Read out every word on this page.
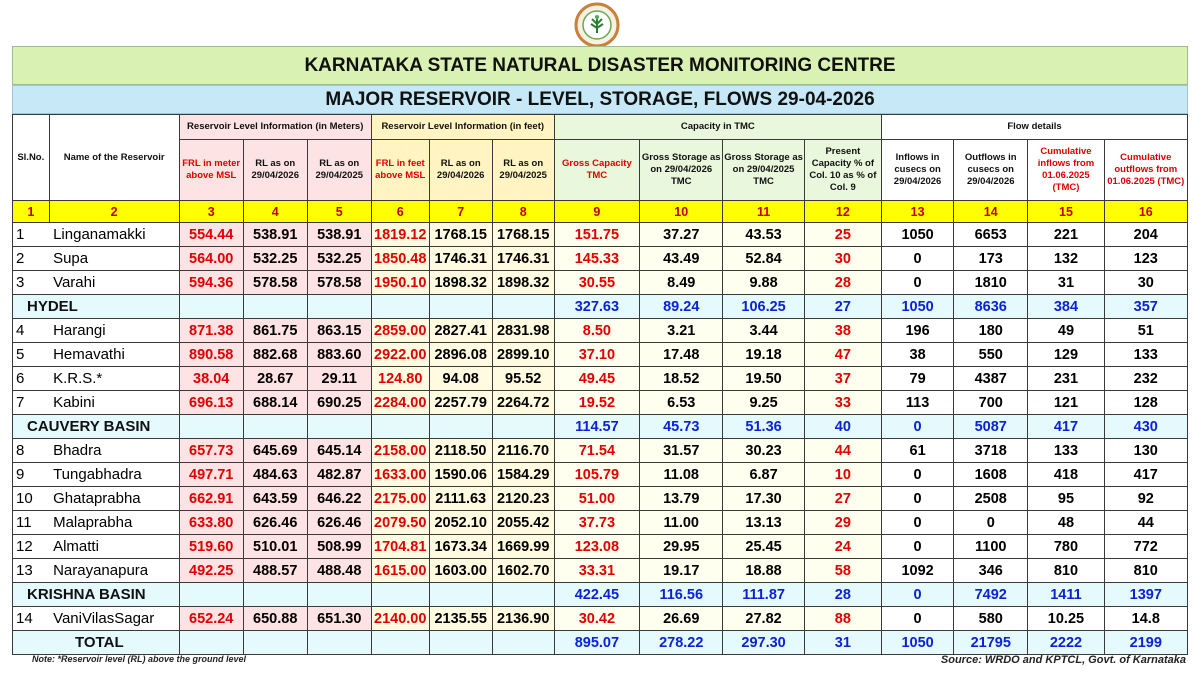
KARNATAKA STATE NATURAL DISASTER MONITORING CENTRE
MAJOR RESERVOIR - LEVEL, STORAGE, FLOWS 29-04-2026
Sl.No.	Name of the Reservoir	Reservoir Level Information (in Meters)			Reservoir Level Information (in feet)			Capacity in TMC				Flow details			
		FRL in meter above MSL	RL as on 29/04/2026	RL as on 29/04/2025	FRL in feet above MSL	RL as on 29/04/2026	RL as on 29/04/2025	Gross Capacity TMC	Gross Storage as on 29/04/2026 TMC	Gross Storage as on 29/04/2025 TMC	Present Capacity % of Col. 10 as % of Col. 9	Inflows in cusecs on 29/04/2026	Outflows in cusecs on 29/04/2026	Cumulative inflows from 01.06.2025 (TMC)	Cumulative outflows from 01.06.2025 (TMC)
1	2	3	4	5	6	7	8	9	10	11	12	13	14	15	16
1	Linganamakki	554.44	538.91	538.91	1819.12	1768.15	1768.15	151.75	37.27	43.53	25	1050	6653	221	204
2	Supa	564.00	532.25	532.25	1850.48	1746.31	1746.31	145.33	43.49	52.84	30	0	173	132	123
3	Varahi	594.36	578.58	578.58	1950.10	1898.32	1898.32	30.55	8.49	9.88	28	0	1810	31	30
HYDEL								327.63	89.24	106.25	27	1050	8636	384	357
4	Harangi	871.38	861.75	863.15	2859.00	2827.41	2831.98	8.50	3.21	3.44	38	196	180	49	51
5	Hemavathi	890.58	882.68	883.60	2922.00	2896.08	2899.10	37.10	17.48	19.18	47	38	550	129	133
6	K.R.S.*	38.04	28.67	29.11	124.80	94.08	95.52	49.45	18.52	19.50	37	79	4387	231	232
7	Kabini	696.13	688.14	690.25	2284.00	2257.79	2264.72	19.52	6.53	9.25	33	113	700	121	128
CAUVERY BASIN								114.57	45.73	51.36	40	0	5087	417	430
8	Bhadra	657.73	645.69	645.14	2158.00	2118.50	2116.70	71.54	31.57	30.23	44	61	3718	133	130
9	Tungabhadra	497.71	484.63	482.87	1633.00	1590.06	1584.29	105.79	11.08	6.87	10	0	1608	418	417
10	Ghataprabha	662.91	643.59	646.22	2175.00	2111.63	2120.23	51.00	13.79	17.30	27	0	2508	95	92
11	Malaprabha	633.80	626.46	626.46	2079.50	2052.10	2055.42	37.73	11.00	13.13	29	0	0	48	44
12	Almatti	519.60	510.01	508.99	1704.81	1673.34	1669.99	123.08	29.95	25.45	24	0	1100	780	772
13	Narayanapura	492.25	488.57	488.48	1615.00	1603.00	1602.70	33.31	19.17	18.88	58	1092	346	810	810
KRISHNA BASIN								422.45	116.56	111.87	28	0	7492	1411	1397
14	VaniVilasSagar	652.24	650.88	651.30	2140.00	2135.55	2136.90	30.42	26.69	27.82	88	0	580	10.25	14.8
TOTAL								895.07	278.22	297.30	31	1050	21795	2222	2199
Note: *Reservoir level (RL) above the ground level	Source: WRDO and KPTCL, Govt. of Karnataka
